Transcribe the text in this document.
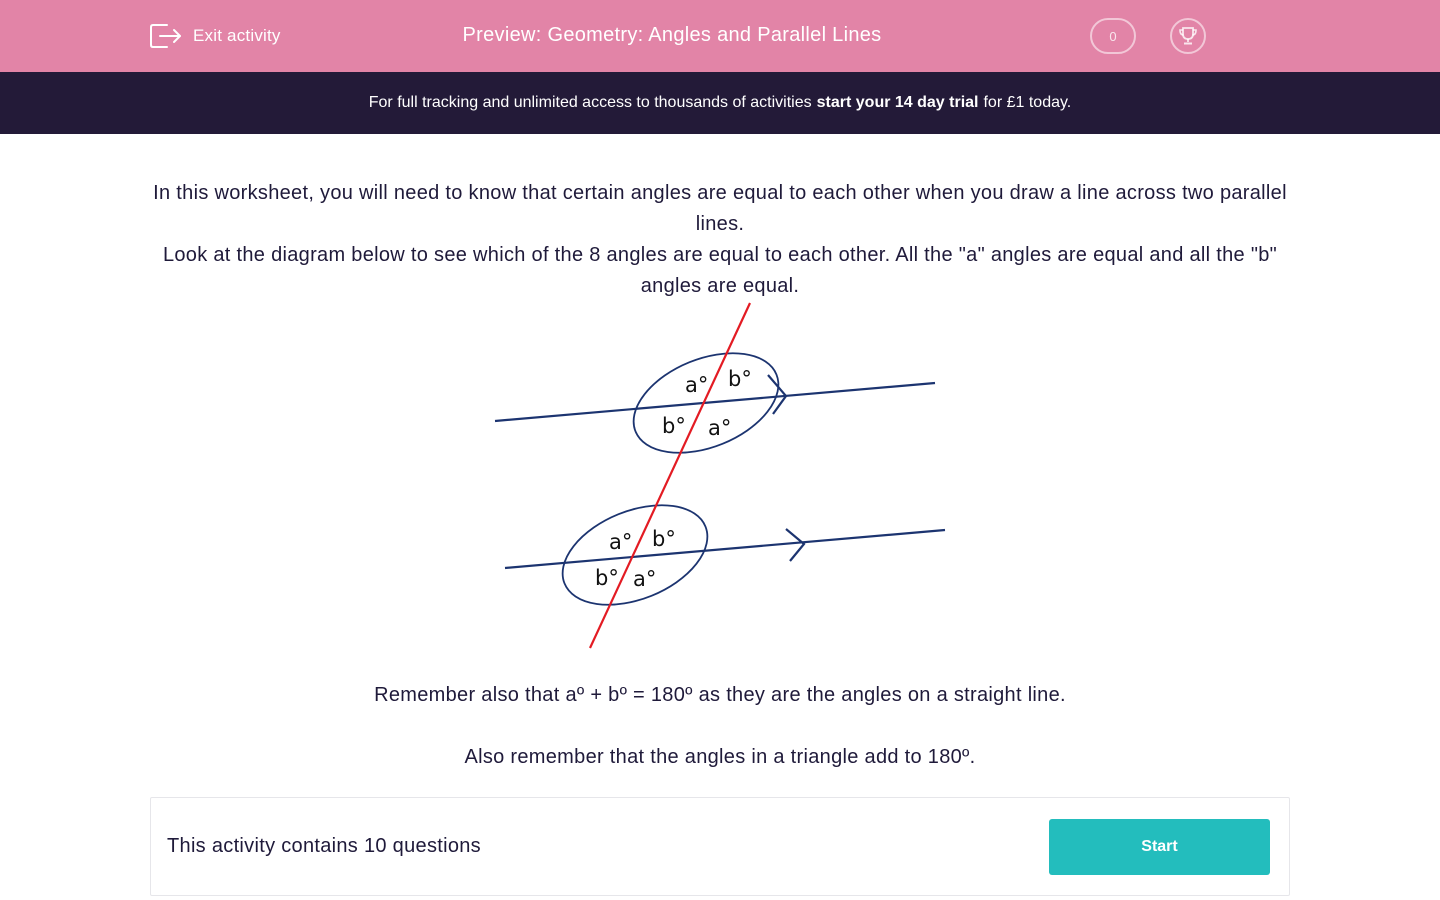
Exit activity	Preview: Geometry: Angles and Parallel Lines	0
For full tracking and unlimited access to thousands of activities start your 14 day trial for £1 today.
In this worksheet, you will need to know that certain angles are equal to each other when you draw a line across two parallel lines.
Look at the diagram below to see which of the 8 angles are equal to each other. All the "a" angles are equal and all the "b" angles are equal.
a° b°
b° a°
a° b°
b° a°
Remember also that aº + bº = 180º as they are the angles on a straight line.
Also remember that the angles in a triangle add to 180º.
This activity contains 10 questions	Start
